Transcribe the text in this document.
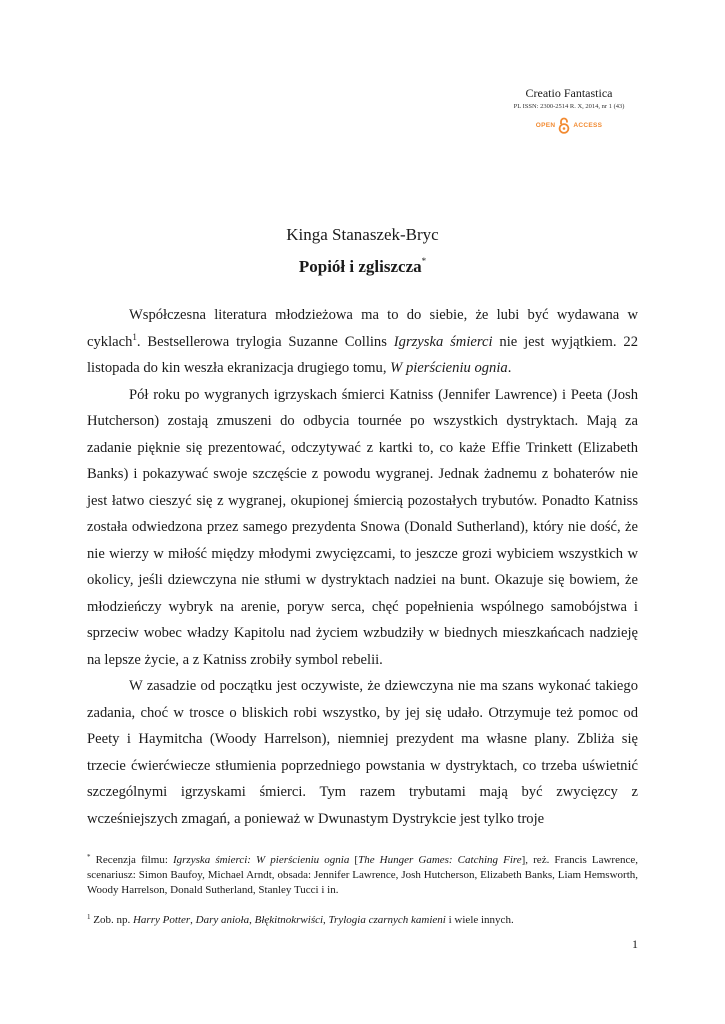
Creatio Fantastica
PL ISSN: 2300-2514 R. X, 2014, nr 1 (43)
OPEN	ACCESS
Kinga Stanaszek-Bryc
Popiół i zgliszcza*

Współczesna literatura młodzieżowa ma to do siebie, że lubi być wydawana w cyklach$^1$. Bestsellerowa trylogia Suzanne Collins Igrzyska śmierci nie jest wyjątkiem. 22 listopada do kin weszła ekranizacja drugiego tomu, W pierścieniu ognia.

Pół roku po wygranych igrzyskach śmierci Katniss (Jennifer Lawrence) i Peeta (Josh Hutcherson) zostają zmuszeni do odbycia tournée po wszystkich dystryktach. Mają za zadanie pięknie się prezentować, odczytywać z kartki to, co każe Effie Trinkett (Elizabeth Banks) i pokazywać swoje szczęście z powodu wygranej. Jednak żadnemu z bohaterów nie jest łatwo cieszyć się z wygranej, okupionej śmiercią pozostałych trybutów. Ponadto Katniss została odwiedzona przez samego prezydenta Snowa (Donald Sutherland), który nie dość, że nie wierzy w miłość między młodymi zwycięzcami, to jeszcze grozi wybiciem wszystkich w okolicy, jeśli dziewczyna nie stłumi w dystryktach nadziei na bunt. Okazuje się bowiem, że młodzieńczy wybryk na arenie, poryw serca, chęć popełnienia wspólnego samobójstwa i sprzeciw wobec władzy Kapitolu nad życiem wzbudziły w biednych mieszkańcach nadzieję na lepsze życie, a z Katniss zrobiły symbol rebelii.

W zasadzie od początku jest oczywiste, że dziewczyna nie ma szans wykonać takiego zadania, choć w trosce o bliskich robi wszystko, by jej się udało. Otrzymuje też pomoc od Peety i Haymitcha (Woody Harrelson), niemniej prezydent ma własne plany. Zbliża się trzecie ćwierćwiecze stłumienia poprzedniego powstania w dystryktach, co trzeba uświetnić szczególnymi igrzyskami śmierci. Tym razem trybutami mają być zwycięzcy z wcześniejszych zmagań, a ponieważ w Dwunastym Dystrykcie jest tylko troje

* Recenzja filmu: Igrzyska śmierci: W pierścieniu ognia [The Hunger Games: Catching Fire], reż. Francis Lawrence, scenariusz: Simon Baufoy, Michael Arndt, obsada: Jennifer Lawrence, Josh Hutcherson, Elizabeth Banks, Liam Hemsworth, Woody Harrelson, Donald Sutherland, Stanley Tucci i in.

$^1$ Zob. np. Harry Potter, Dary anioła, Błękitnokrwiści, Trylogia czarnych kamieni i wiele innych.

1
